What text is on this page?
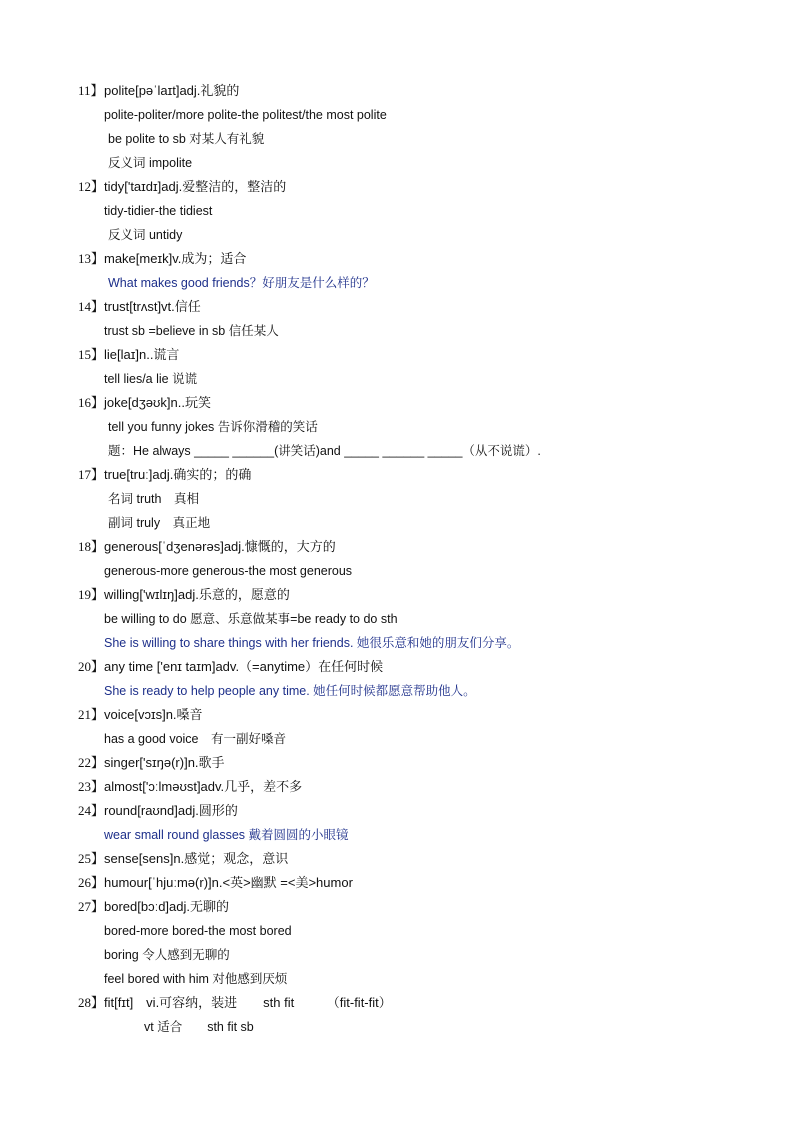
11】polite[pəˈlaɪt]adj.礼貌的
polite-politer/more polite-the politest/the most polite
be polite to sb 对某人有礼貌
反义词 impolite
12】tidy['taɪdɪ]adj.爱整洁的，整洁的
tidy-tidier-the tidiest
反义词 untidy
13】make[meɪk]v.成为；适合
What makes good friends？好朋友是什么样的？
14】trust[trʌst]vt.信任
trust sb =believe in sb 信任某人
15】lie[laɪ]n..谎言
tell lies/a lie 说谎
16】joke[dʒəʊk]n..玩笑
tell you funny jokes 告诉你滑稽的笑话
题：He always _____ ______(讲笑话)and _____ ______ _____（从不说谎）.
17】true[truː]adj.确实的；的确
名词 truth　真相
副词 truly　真正地
18】generous[ˈdʒenərəs]adj.慷慨的，大方的
generous-more generous-the most generous
19】willing['wɪlɪŋ]adj.乐意的，愿意的
be willing to do 愿意、乐意做某事=be ready to do sth
She is willing to share things with her friends. 她很乐意和她的朋友们分享。
20】any time ['enɪ taɪm]adv.（=anytime）在任何时候
She is ready to help people any time. 她任何时候都愿意帮助他人。
21】voice[vɔɪs]n.嗓音
has a good voice　有一副好嗓音
22】singer['sɪŋə(r)]n.歌手
23】almost['ɔːlməʊst]adv.几乎，差不多
24】round[raʊnd]adj.圆形的
wear small round glasses 戴着圆圆的小眼镜
25】sense[sens]n.感觉；观念，意识
26】humour[ˈhjuːmə(r)]n.<英>幽默 =<美>humor
27】bored[bɔːd]adj.无聊的
bored-more bored-the most bored
boring 令人感到无聊的
feel bored with him 对他感到厌烦
28】fit[fɪt]　vi.可容纳，装进　　sth fit　　　（fit-fit-fit）
vt 适合　　sth fit sb
